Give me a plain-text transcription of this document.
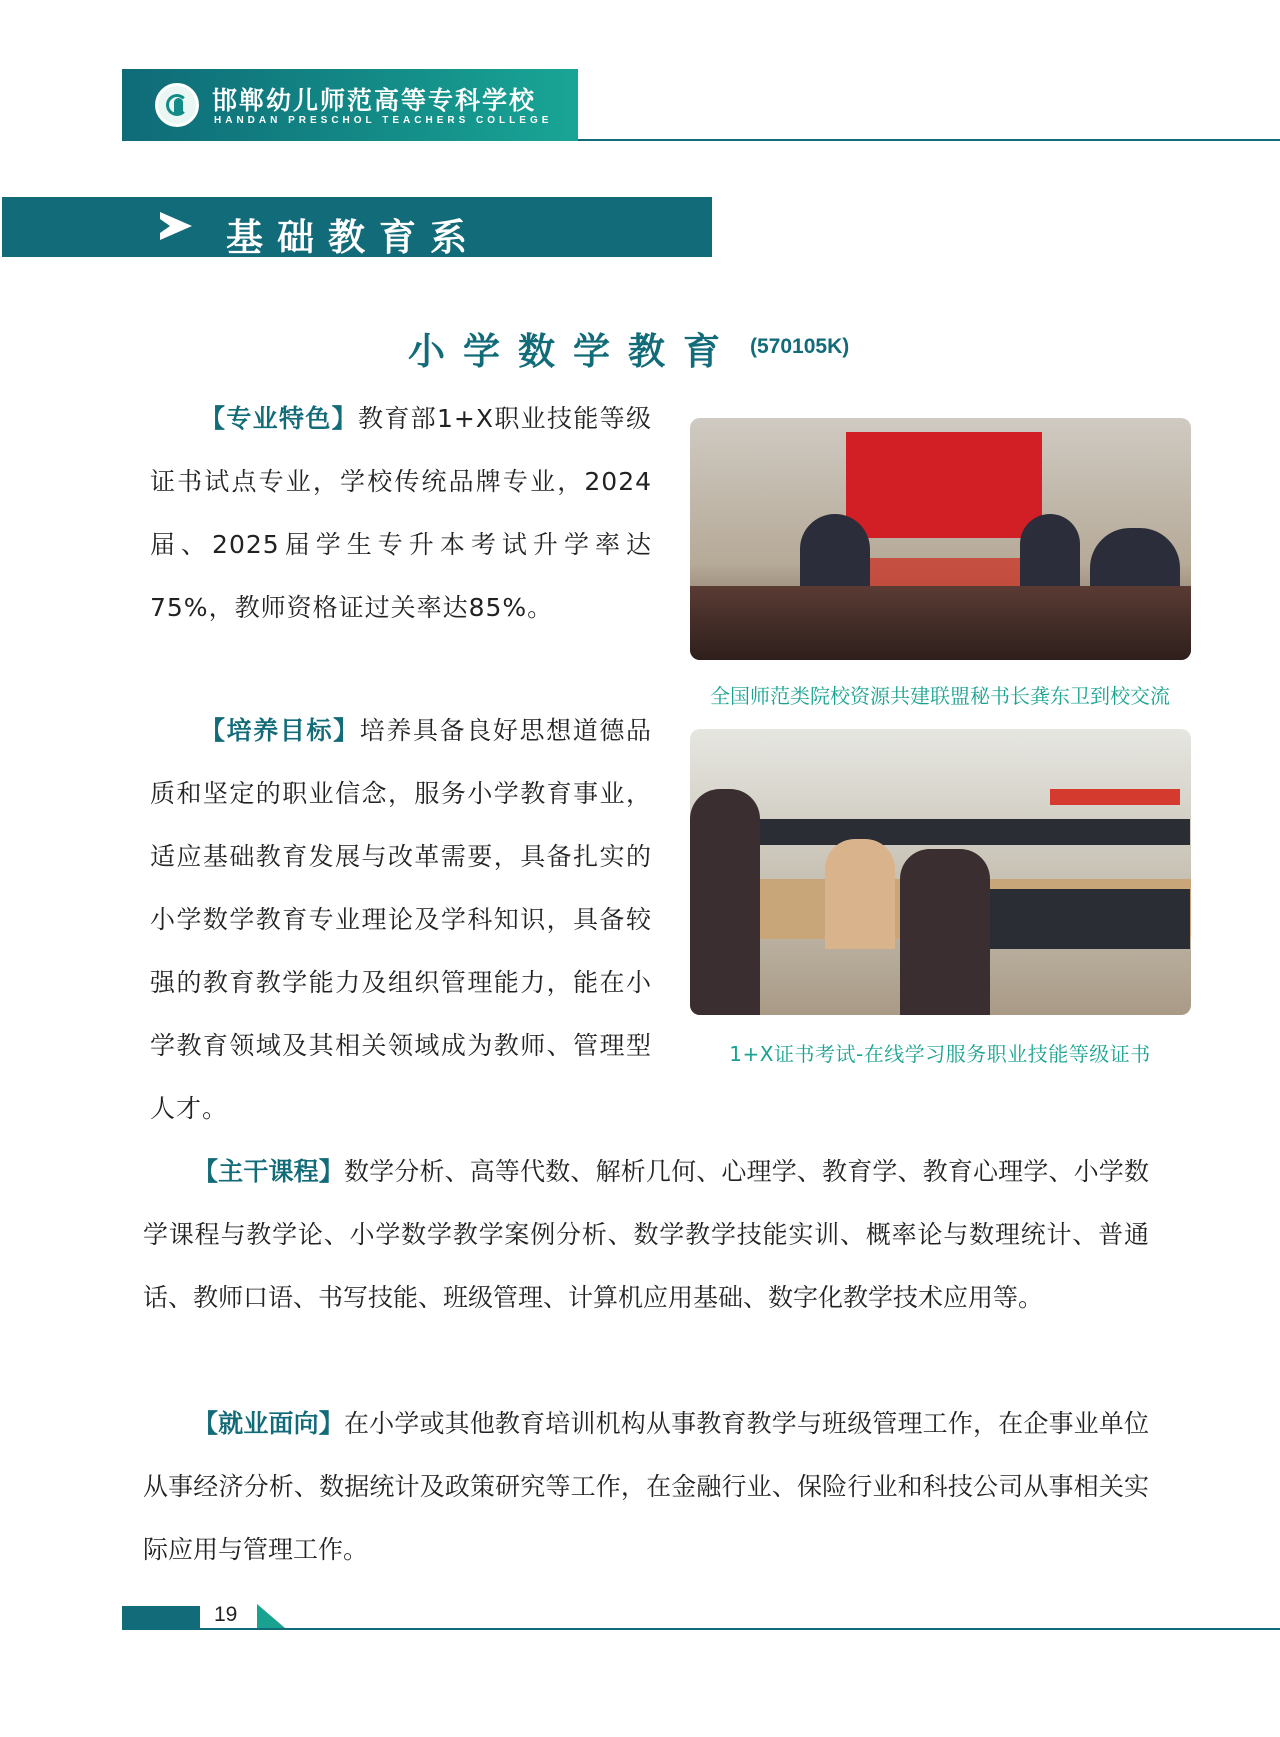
邯郸幼儿师范高等专科学校
HANDAN PRESCHOL TEACHERS COLLEGE
基础教育系
小学数学教育 (570105K)

【专业特色】教育部1+X职业技能等级证书试点专业，学校传统品牌专业，2024届、2025届学生专升本考试升学率达75%，教师资格证过关率达85%。

【培养目标】培养具备良好思想道德品质和坚定的职业信念，服务小学教育事业，适应基础教育发展与改革需要，具备扎实的小学数学教育专业理论及学科知识，具备较强的教育教学能力及组织管理能力，能在小学教育领域及其相关领域成为教师、管理型人才。

【主干课程】数学分析、高等代数、解析几何、心理学、教育学、教育心理学、小学数学课程与教学论、小学数学教学案例分析、数学教学技能实训、概率论与数理统计、普通话、教师口语、书写技能、班级管理、计算机应用基础、数字化教学技术应用等。

【就业面向】在小学或其他教育培训机构从事教育教学与班级管理工作，在企事业单位从事经济分析、数据统计及政策研究等工作，在金融行业、保险行业和科技公司从事相关实际应用与管理工作。

全国师范类院校资源共建联盟秘书长龚东卫到校交流

1+X证书考试-在线学习服务职业技能等级证书

19
